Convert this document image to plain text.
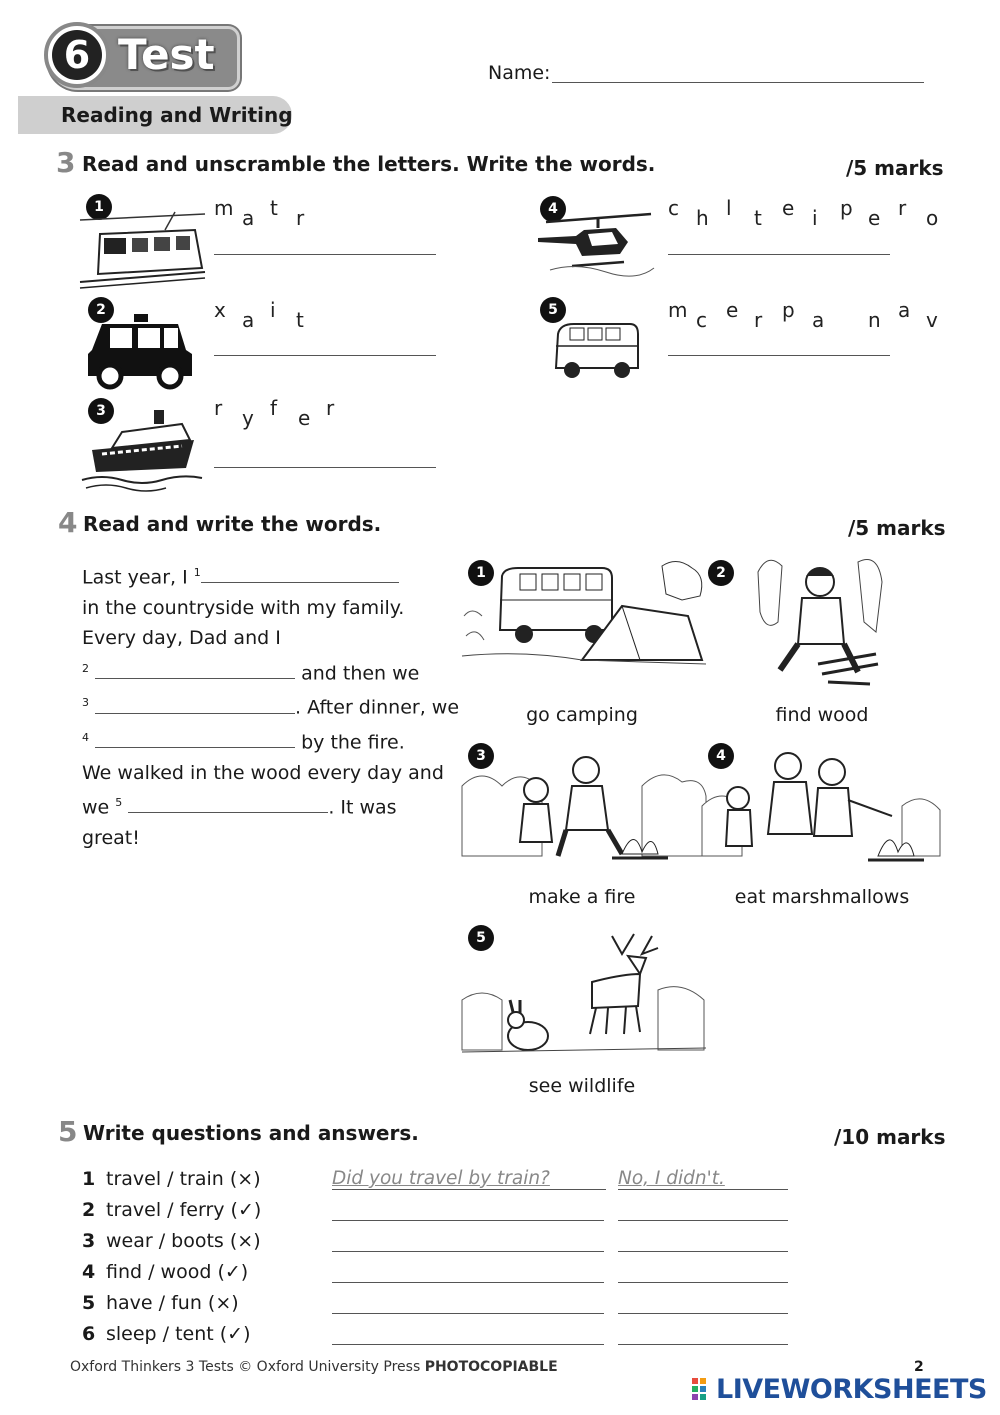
6 Test	Name:
Reading and Writing
3 Read and unscramble the letters. Write the words.	/5 marks
1	m a t r
2	x a i t
3	r y f e r
4	c h l t e i p e r o
5	m c e r p a n a v
4 Read and write the words.	/5 marks
Last year, I $^1$
in the countryside with my family.
Every day, Dad and I
$^2$	and then we
$^3$	. After dinner, we
$^4$	by the fire.
We walked in the wood every day and
we $^5$	. It was
great!
1
go camping
2
find wood
3
make a fire
4
eat marshmallows
5
see wildlife
5 Write questions and answers.	/10 marks
1 travel / train (×)	Did you travel by train?	No, I didn't.
2 travel / ferry (✓)
3 wear / boots (×)
4 find / wood (✓)
5 have / fun (×)
6 sleep / tent (✓)
Oxford Thinkers 3 Tests © Oxford University Press PHOTOCOPIABLE	2
LIVEWORKSHEETS
